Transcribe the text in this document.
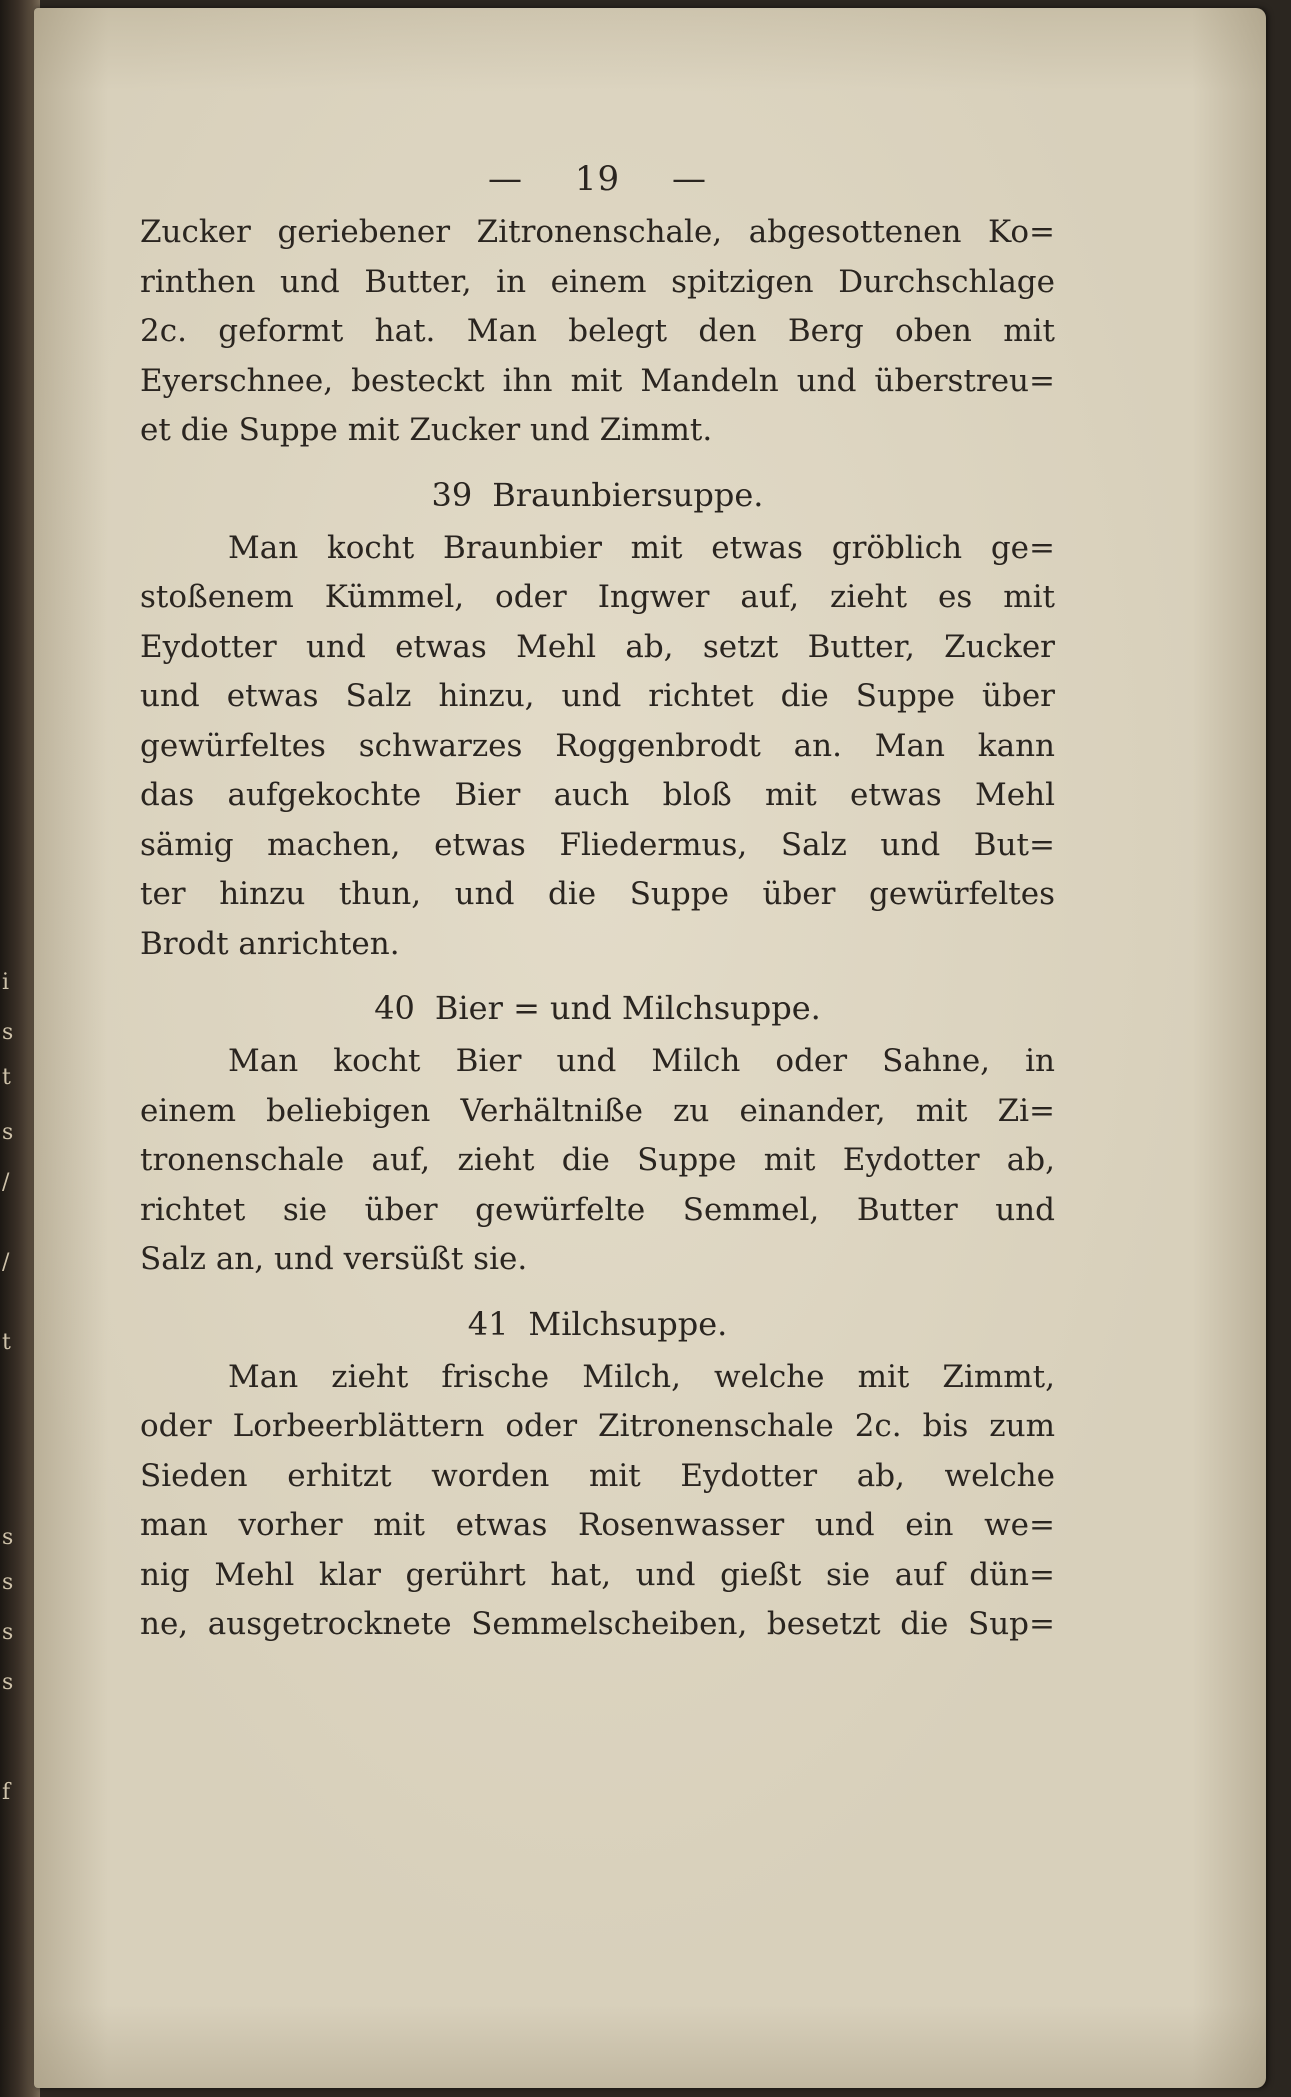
i
s
t
s
/
/
t
s
s
s
s
f
— 19 —
Zucker geriebener Zitronenschale, abgesottenen Ko=
rinthen und Butter, in einem spitzigen Durchschlage
2c. geformt hat. Man belegt den Berg oben mit
Eyerschnee, besteckt ihn mit Mandeln und überstreu=
et die Suppe mit Zucker und Zimmt.
39 Braunbiersuppe.
Man kocht Braunbier mit etwas gröblich ge=
stoßenem Kümmel, oder Ingwer auf, zieht es mit
Eydotter und etwas Mehl ab, setzt Butter, Zucker
und etwas Salz hinzu, und richtet die Suppe über
gewürfeltes schwarzes Roggenbrodt an. Man kann
das aufgekochte Bier auch bloß mit etwas Mehl
sämig machen, etwas Fliedermus, Salz und But=
ter hinzu thun, und die Suppe über gewürfeltes
Brodt anrichten.
40 Bier = und Milchsuppe.
Man kocht Bier und Milch oder Sahne, in
einem beliebigen Verhältniße zu einander, mit Zi=
tronenschale auf, zieht die Suppe mit Eydotter ab,
richtet sie über gewürfelte Semmel, Butter und
Salz an, und versüßt sie.
41 Milchsuppe.
Man zieht frische Milch, welche mit Zimmt,
oder Lorbeerblättern oder Zitronenschale 2c. bis zum
Sieden erhitzt worden mit Eydotter ab, welche
man vorher mit etwas Rosenwasser und ein we=
nig Mehl klar gerührt hat, und gießt sie auf dün=
ne, ausgetrocknete Semmelscheiben, besetzt die Sup=
